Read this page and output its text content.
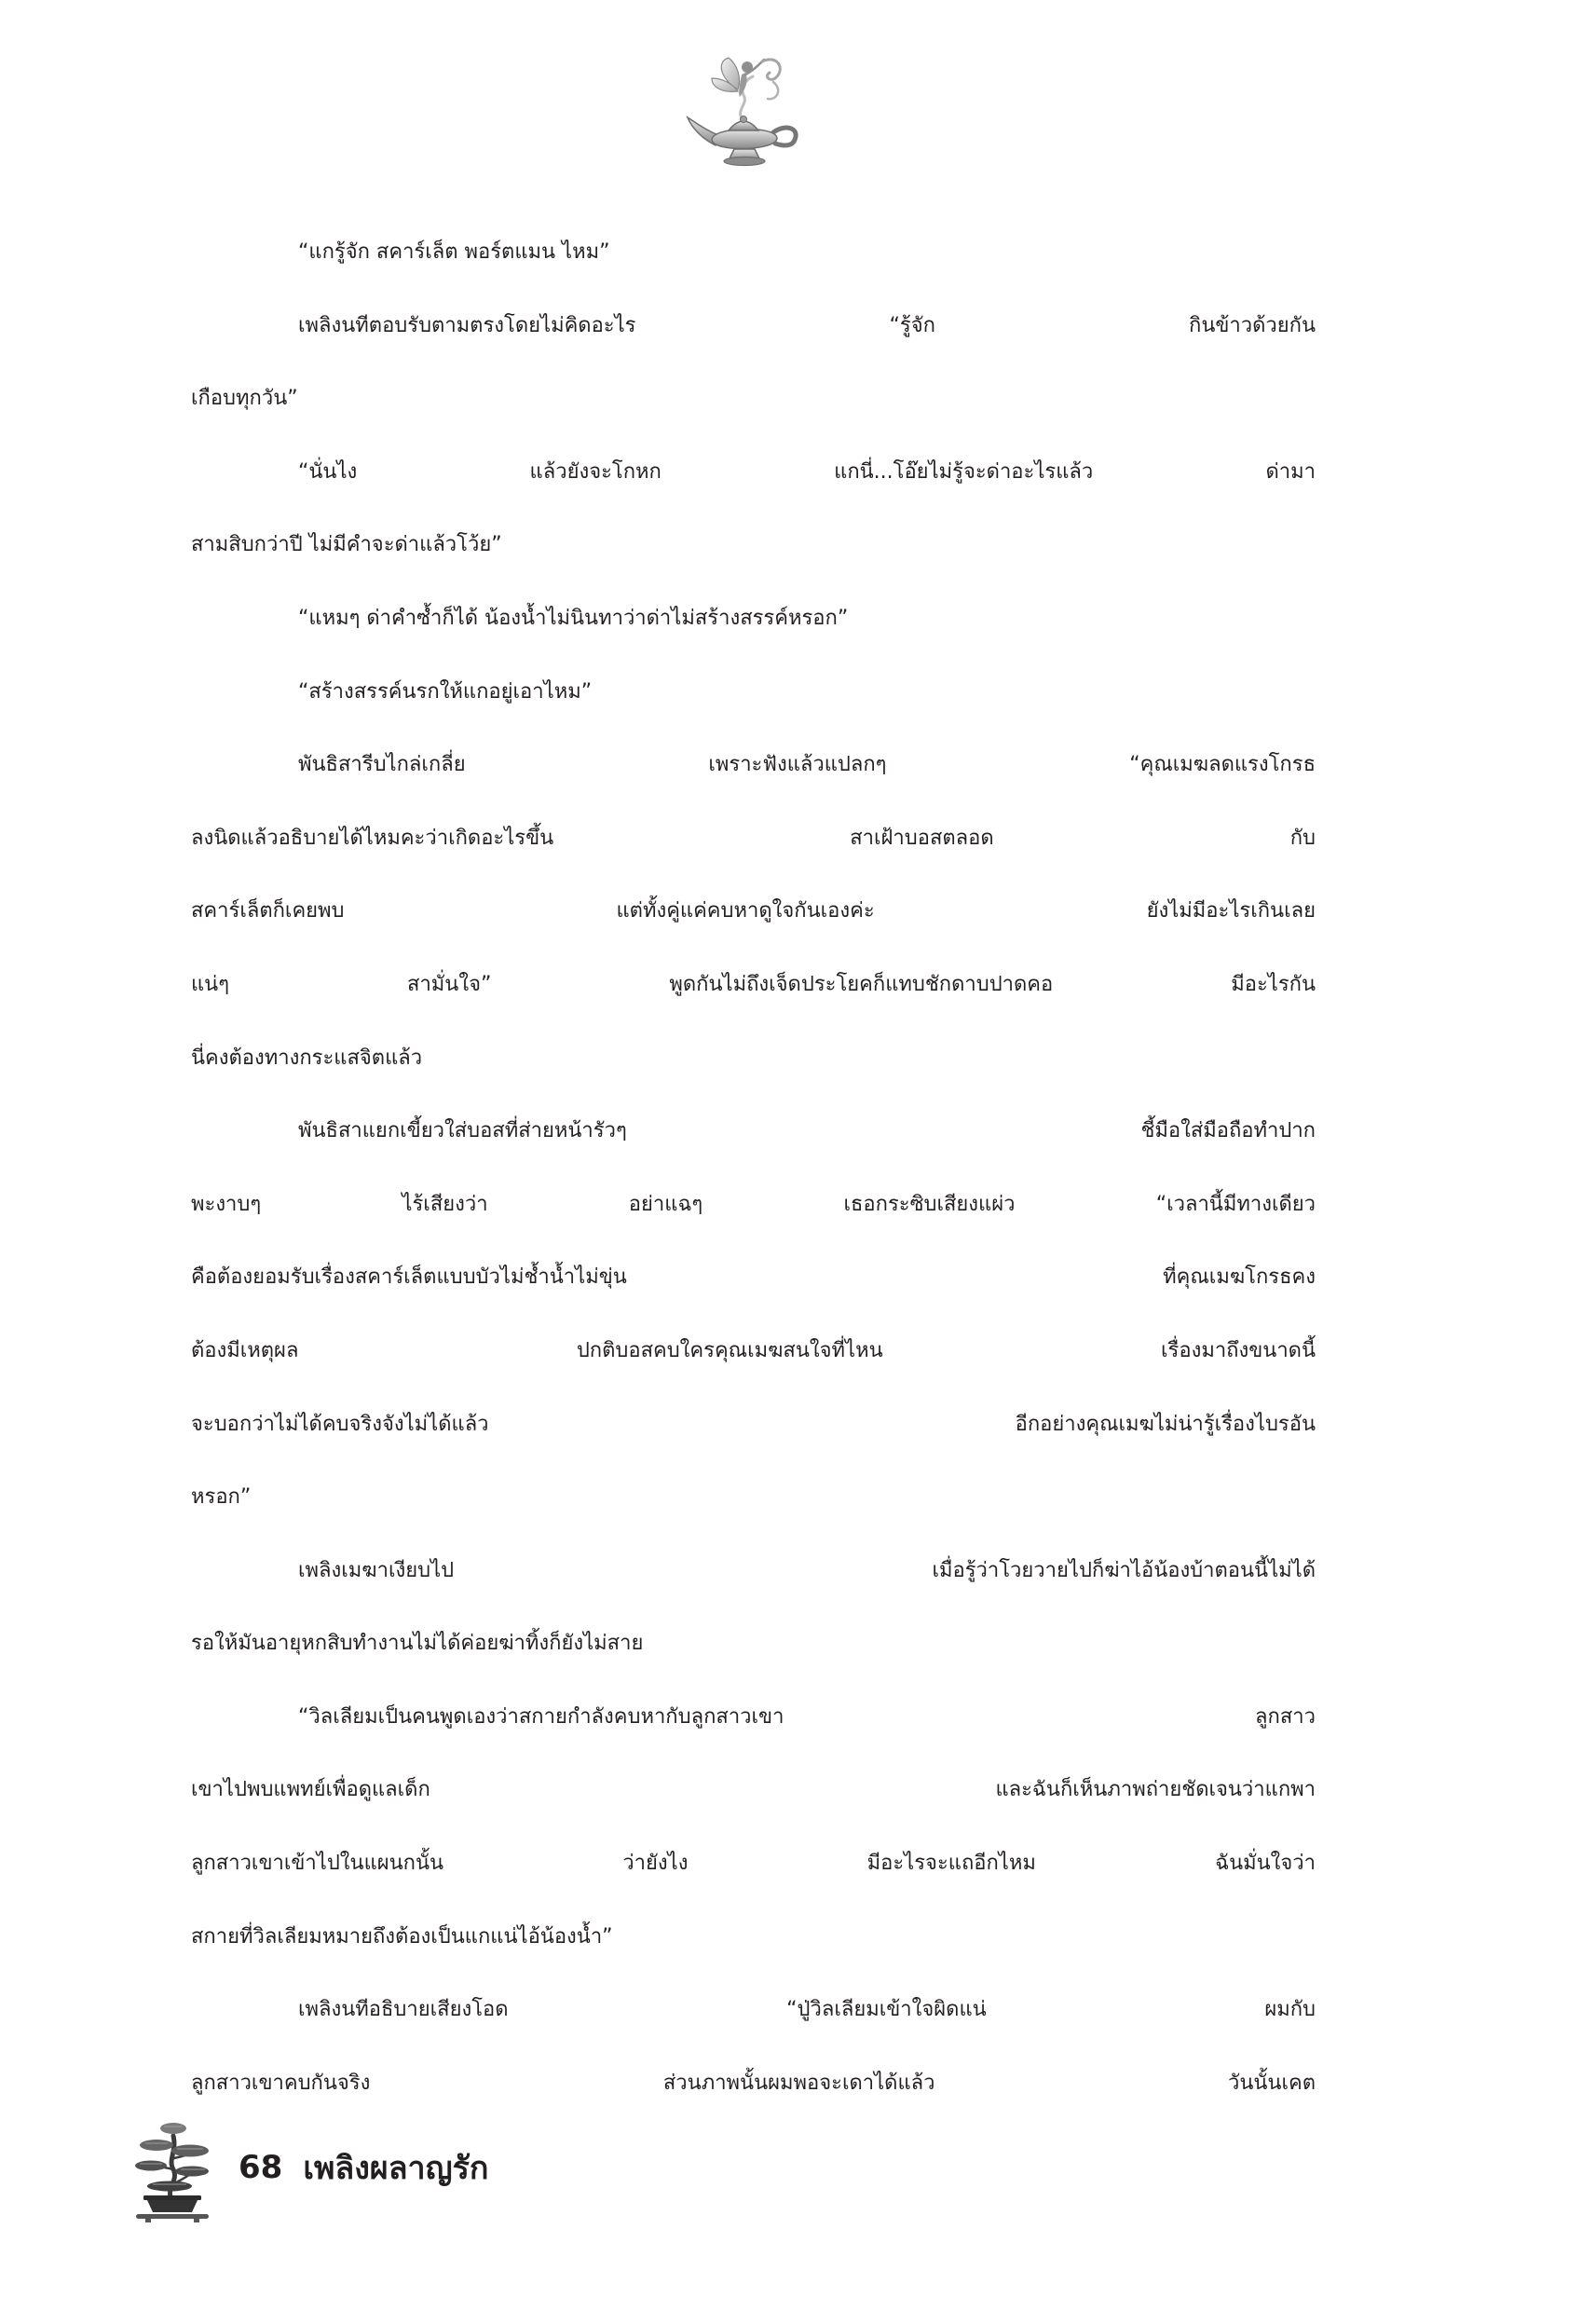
“แกรู้จัก สคาร์เล็ต พอร์ตแมน ไหม”
เพลิงนทีตอบรับตามตรงโดยไม่คิดอะไร “รู้จัก กินข้าวด้วยกัน
เกือบทุกวัน”
“นั่นไง แล้วยังจะโกหก แกนี่...โอ๊ยไม่รู้จะด่าอะไรแล้ว ด่ามา
สามสิบกว่าปี ไม่มีคำจะด่าแล้วโว้ย”
“แหมๆ ด่าคำซ้ำก็ได้ น้องน้ำไม่นินทาว่าด่าไม่สร้างสรรค์หรอก”
“สร้างสรรค์นรกให้แกอยู่เอาไหม”
พันธิสารีบไกล่เกลี่ย เพราะฟังแล้วแปลกๆ “คุณเมฆลดแรงโกรธ
ลงนิดแล้วอธิบายได้ไหมคะว่าเกิดอะไรขึ้น สาเฝ้าบอสตลอด กับ
สคาร์เล็ตก็เคยพบ แต่ทั้งคู่แค่คบหาดูใจกันเองค่ะ ยังไม่มีอะไรเกินเลย
แน่ๆ สามั่นใจ” พูดกันไม่ถึงเจ็ดประโยคก็แทบชักดาบปาดคอ มีอะไรกัน
นี่คงต้องทางกระแสจิตแล้ว
พันธิสาแยกเขี้ยวใส่บอสที่ส่ายหน้ารัวๆ ชี้มือใส่มือถือทำปาก
พะงาบๆ ไร้เสียงว่า อย่าแฉๆ เธอกระซิบเสียงแผ่ว “เวลานี้มีทางเดียว
คือต้องยอมรับเรื่องสคาร์เล็ตแบบบัวไม่ช้ำน้ำไม่ขุ่น ที่คุณเมฆโกรธคง
ต้องมีเหตุผล ปกติบอสคบใครคุณเมฆสนใจที่ไหน เรื่องมาถึงขนาดนี้
จะบอกว่าไม่ได้คบจริงจังไม่ได้แล้ว อีกอย่างคุณเมฆไม่น่ารู้เรื่องไบรอัน
หรอก”
เพลิงเมฆาเงียบไป เมื่อรู้ว่าโวยวายไปก็ฆ่าไอ้น้องบ้าตอนนี้ไม่ได้
รอให้มันอายุหกสิบทำงานไม่ได้ค่อยฆ่าทิ้งก็ยังไม่สาย
“วิลเลียมเป็นคนพูดเองว่าสกายกำลังคบหากับลูกสาวเขา ลูกสาว
เขาไปพบแพทย์เพื่อดูแลเด็ก และฉันก็เห็นภาพถ่ายชัดเจนว่าแกพา
ลูกสาวเขาเข้าไปในแผนกนั้น ว่ายังไง มีอะไรจะแถอีกไหม ฉันมั่นใจว่า
สกายที่วิลเลียมหมายถึงต้องเป็นแกแน่ไอ้น้องน้ำ”
เพลิงนทีอธิบายเสียงโอด “ปู่วิลเลียมเข้าใจผิดแน่ ผมกับ
ลูกสาวเขาคบกันจริง ส่วนภาพนั้นผมพอจะเดาได้แล้ว วันนั้นเคต
68 เพลิงผลาญรัก
